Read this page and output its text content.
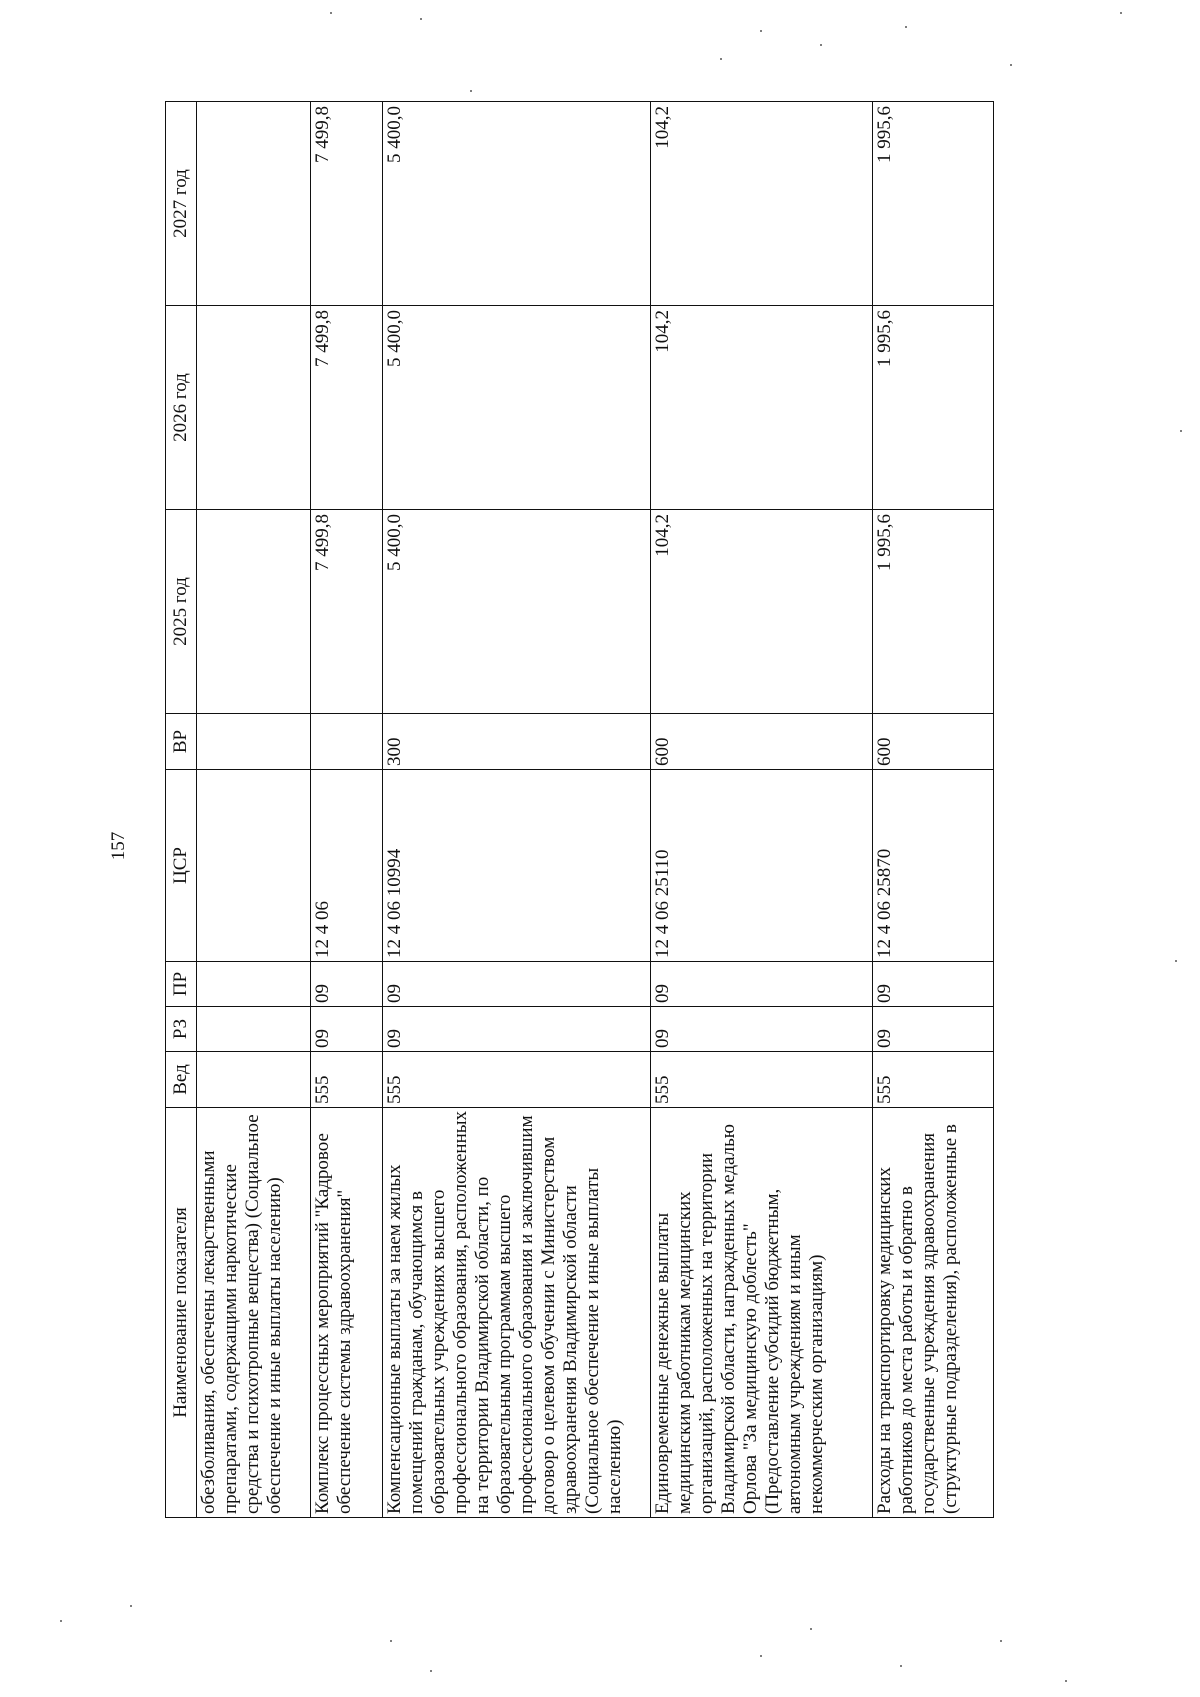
157
Наименование показателя	Вед	РЗ	ПР	ЦСР	ВР	2025 год	2026 год	2027 год
обезболивания, обеспечены лекарственными препаратами, содержащими наркотические средства и психотропные вещества) (Социальное обеспечение и иные выплаты населению)								
Комплекс процессных мероприятий "Кадровое обеспечение системы здравоохранения"	555	09	09	12 4 06		7 499,8	7 499,8	7 499,8
Компенсационные выплаты за наем жилых помещений гражданам, обучающимся в образовательных учреждениях высшего профессионального образования, расположенных на территории Владимирской области, по образовательным программам высшего профессионального образования и заключившим договор о целевом обучении с Министерством здравоохранения Владимирской области (Социальное обеспечение и иные выплаты населению)	555	09	09	12 4 06 10994	300	5 400,0	5 400,0	5 400,0
Единовременные денежные выплаты медицинским работникам медицинских организаций, расположенных на территории Владимирской области, награжденных медалью Орлова "За медицинскую доблесть" (Предоставление субсидий бюджетным, автономным учреждениям и иным некоммерческим организациям)	555	09	09	12 4 06 25110	600	104,2	104,2	104,2
Расходы на транспортировку медицинских работников до места работы и обратно в государственные учреждения здравоохранения (структурные подразделения), расположенные в	555	09	09	12 4 06 25870	600	1 995,6	1 995,6	1 995,6
